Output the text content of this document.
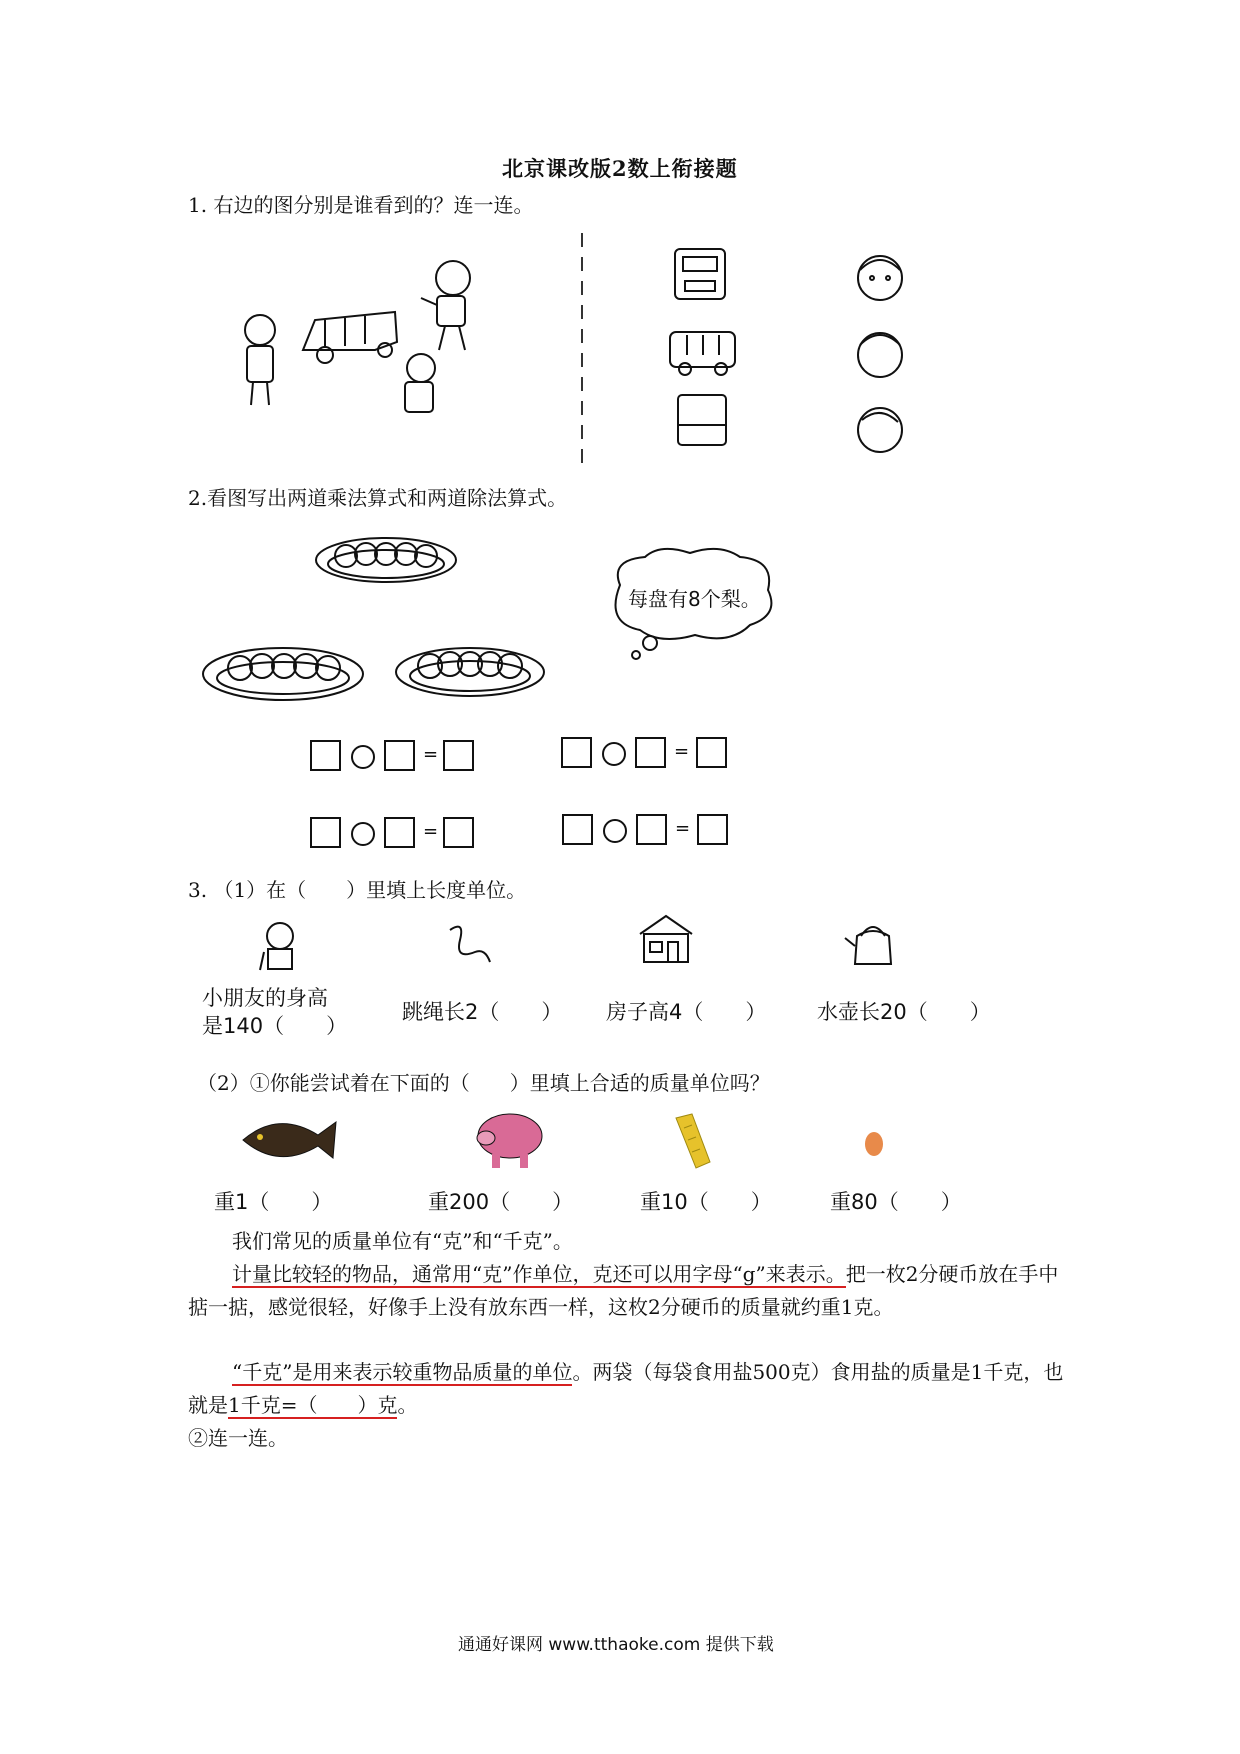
北京课改版2数上衔接题
1. 右边的图分别是谁看到的？连一连。
2.看图写出两道乘法算式和两道除法算式。
每盘有8个梨。
=	=
=	=
3. （1）在（　　）里填上长度单位。
小朋友的身高
是140（　　）
跳绳长2（　　） 房子高4（　　） 水壶长20（　　）
（2）①你能尝试着在下面的（　　）里填上合适的质量单位吗？
重1（　　）	重200（　　）	重10（　　）	重80（　　）
我们常见的质量单位有“克”和“千克”。
计量比较轻的物品，通常用“克”作单位，克还可以用字母“g”来表示。把一枚2分硬币放在手中掂一掂，感觉很轻，好像手上没有放东西一样，这枚2分硬币的质量就约重1克。
“千克”是用来表示较重物品质量的单位。两袋（每袋食用盐500克）食用盐的质量是1千克，也就是1千克=（　　）克。
②连一连。
通通好课网 www.tthaoke.com 提供下载
